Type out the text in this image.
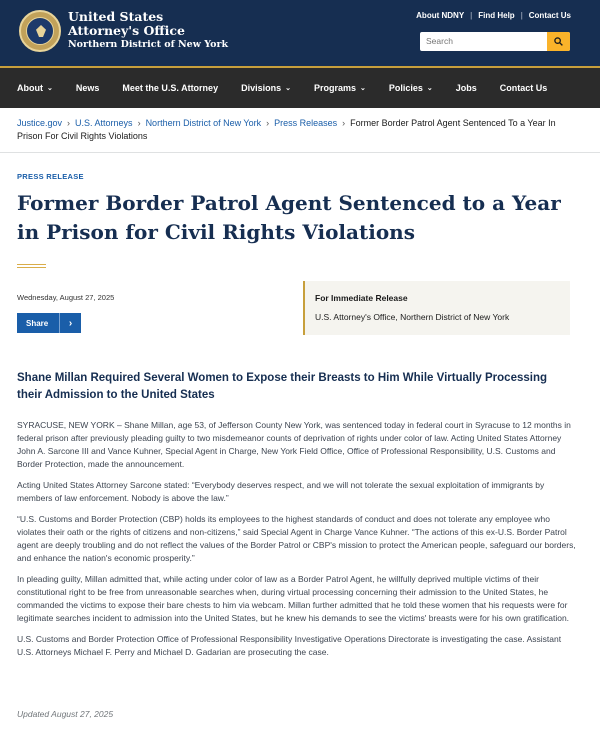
United States
Attorney's Office
Northern District of New York
About NDNY | Find Help | Contact Us
Search
About ⌄	News	Meet the U.S. Attorney	Divisions ⌄	Programs ⌄	Policies ⌄	Jobs	Contact Us
Justice.gov › U.S. Attorneys › Northern District of New York › Press Releases › Former Border Patrol Agent Sentenced To a Year In Prison For Civil Rights Violations
PRESS RELEASE
Former Border Patrol Agent Sentenced to a Year in Prison for Civil Rights Violations
Wednesday, August 27, 2025
Share	›
For Immediate Release
U.S. Attorney's Office, Northern District of New York
Shane Millan Required Several Women to Expose their Breasts to Him While Virtually Processing their Admission to the United States

SYRACUSE, NEW YORK – Shane Millan, age 53, of Jefferson County New York, was sentenced today in federal court in Syracuse to 12 months in federal prison after previously pleading guilty to two misdemeanor counts of deprivation of rights under color of law. Acting United States Attorney John A. Sarcone III and Vance Kuhner, Special Agent in Charge, New York Field Office, Office of Professional Responsibility, U.S. Customs and Border Protection, made the announcement.

Acting United States Attorney Sarcone stated: “Everybody deserves respect, and we will not tolerate the sexual exploitation of immigrants by members of law enforcement. Nobody is above the law.”

“U.S. Customs and Border Protection (CBP) holds its employees to the highest standards of conduct and does not tolerate any employee who violates their oath or the rights of citizens and non-citizens,” said Special Agent in Charge Vance Kuhner. “The actions of this ex-U.S. Border Patrol agent are deeply troubling and do not reflect the values of the Border Patrol or CBP's mission to protect the American people, safeguard our borders, and enhance the nation's economic prosperity.”

In pleading guilty, Millan admitted that, while acting under color of law as a Border Patrol Agent, he willfully deprived multiple victims of their constitutional right to be free from unreasonable searches when, during virtual processing concerning their admission to the United States, he commanded the victims to expose their bare chests to him via webcam. Millan further admitted that he told these women that his requests were for legitimate searches incident to admission into the United States, but he knew his demands to see the victims' breasts were for his own gratification.

U.S. Customs and Border Protection Office of Professional Responsibility Investigative Operations Directorate is investigating the case. Assistant U.S. Attorneys Michael F. Perry and Michael D. Gadarian are prosecuting the case.

Updated August 27, 2025
